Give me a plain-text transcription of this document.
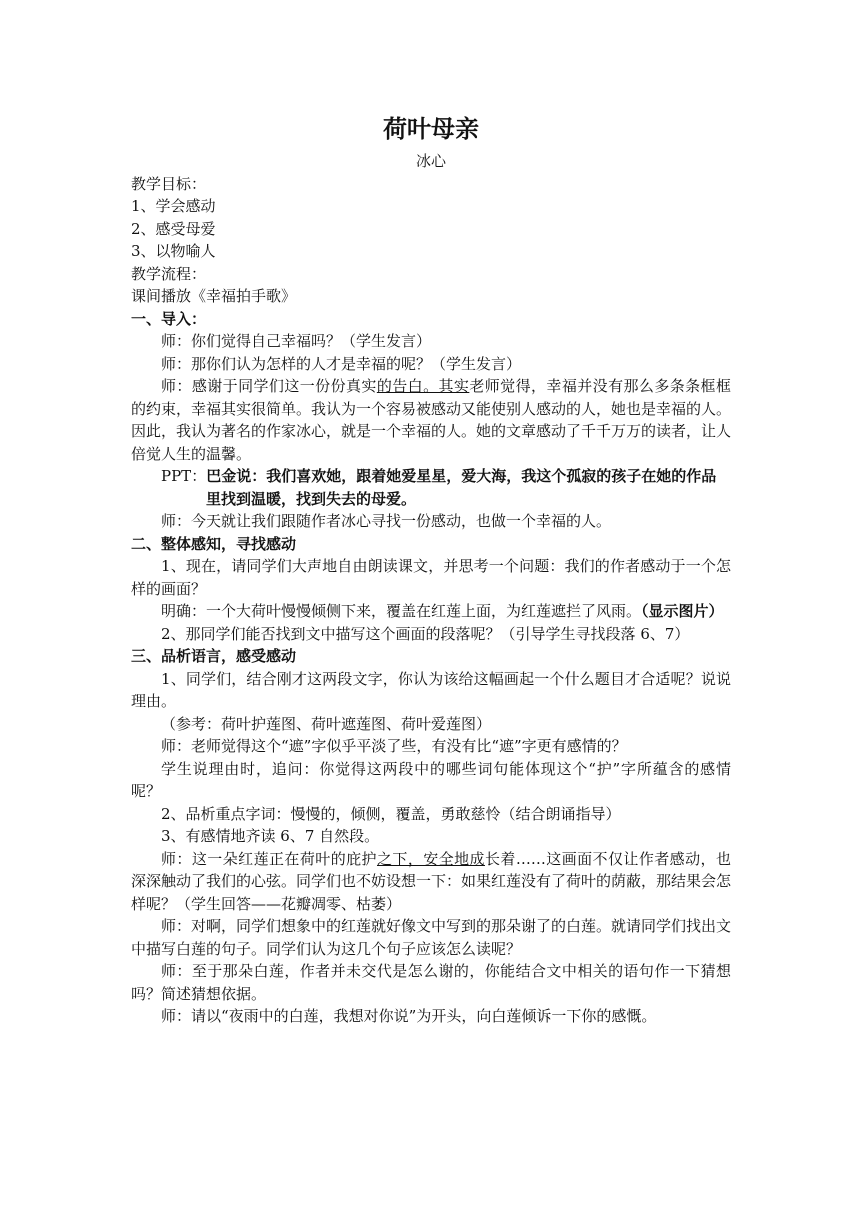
荷叶母亲
冰心
教学目标：
1、学会感动
2、感受母爱
3、以物喻人
教学流程：
课间播放《幸福拍手歌》
一、导入：
师：你们觉得自己幸福吗？（学生发言）
师：那你们认为怎样的人才是幸福的呢？（学生发言）
师：感谢于同学们这一份份真实的告白。其实老师觉得，幸福并没有那么多条条框框的约束，幸福其实很简单。我认为一个容易被感动又能使别人感动的人，她也是幸福的人。因此，我认为著名的作家冰心，就是一个幸福的人。她的文章感动了千千万万的读者，让人倍觉人生的温馨。
PPT：巴金说：我们喜欢她，跟着她爱星星，爱大海，我这个孤寂的孩子在她的作品里找到温暖，找到失去的母爱。
师：今天就让我们跟随作者冰心寻找一份感动，也做一个幸福的人。
二、整体感知，寻找感动
1、现在，请同学们大声地自由朗读课文，并思考一个问题：我们的作者感动于一个怎样的画面？
明确：一个大荷叶慢慢倾侧下来，覆盖在红莲上面，为红莲遮拦了风雨。（显示图片）
2、那同学们能否找到文中描写这个画面的段落呢？（引导学生寻找段落 6、7）
三、品析语言，感受感动
1、同学们，结合刚才这两段文字，你认为该给这幅画起一个什么题目才合适呢？说说理由。
（参考：荷叶护莲图、荷叶遮莲图、荷叶爱莲图）
师：老师觉得这个“遮”字似乎平淡了些，有没有比“遮”字更有感情的？
学生说理由时，追问：你觉得这两段中的哪些词句能体现这个“护”字所蕴含的感情呢？
2、品析重点字词：慢慢的，倾侧，覆盖，勇敢慈怜（结合朗诵指导）
3、有感情地齐读 6、7 自然段。
师：这一朵红莲正在荷叶的庇护之下，安全地成长着……这画面不仅让作者感动，也深深触动了我们的心弦。同学们也不妨设想一下：如果红莲没有了荷叶的荫蔽，那结果会怎样呢？（学生回答——花瓣凋零、枯萎）
师：对啊，同学们想象中的红莲就好像文中写到的那朵谢了的白莲。就请同学们找出文中描写白莲的句子。同学们认为这几个句子应该怎么读呢？
师：至于那朵白莲，作者并未交代是怎么谢的，你能结合文中相关的语句作一下猜想吗？简述猜想依据。
师：请以“夜雨中的白莲，我想对你说”为开头，向白莲倾诉一下你的感慨。
